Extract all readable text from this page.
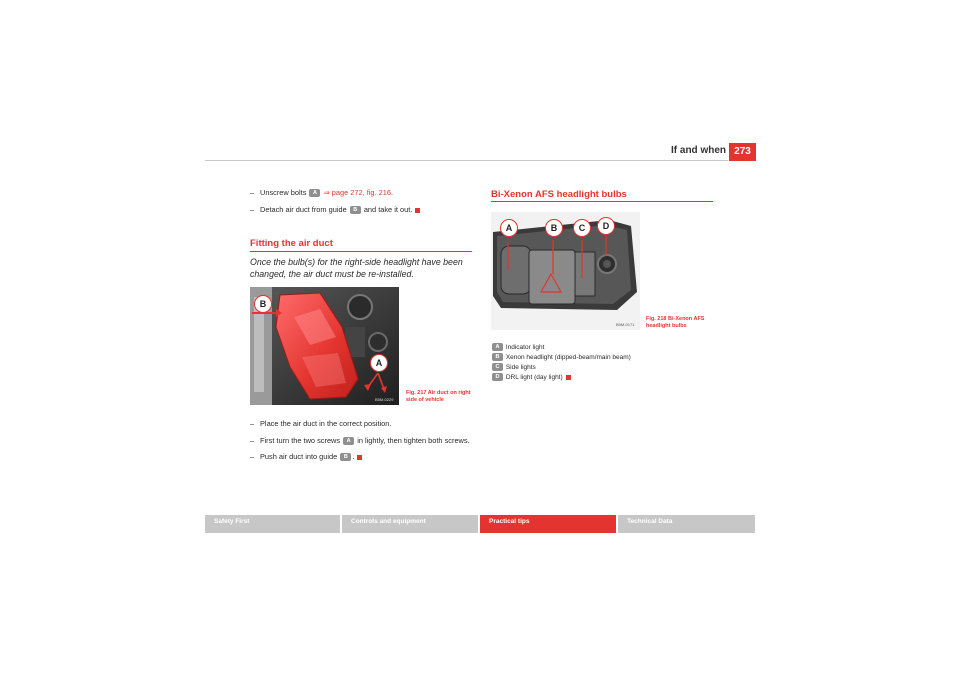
If and when 273
– Unscrew bolts A ⇒ page 272, fig. 216.
– Detach air duct from guide B and take it out.
Fitting the air duct
Once the bulb(s) for the right-side headlight have been
changed, the air duct must be re-installed.
B
A
B5M-0229
Fig. 217 Air duct on right
side of vehicle
– Place the air duct in the correct position.
– First turn the two screws A in lightly, then tighten both screws.
– Push air duct into guide B .
Bi-Xenon AFS headlight bulbs
A	B	C	D
B5M-0171
Fig. 218 Bi-Xenon AFS
headlight bulbs
A Indicator light
B Xenon headlight (dipped-beam/main beam)
C Side lights
D DRL light (day light)
Safety First	Controls and equipment	Practical tips	Technical Data
